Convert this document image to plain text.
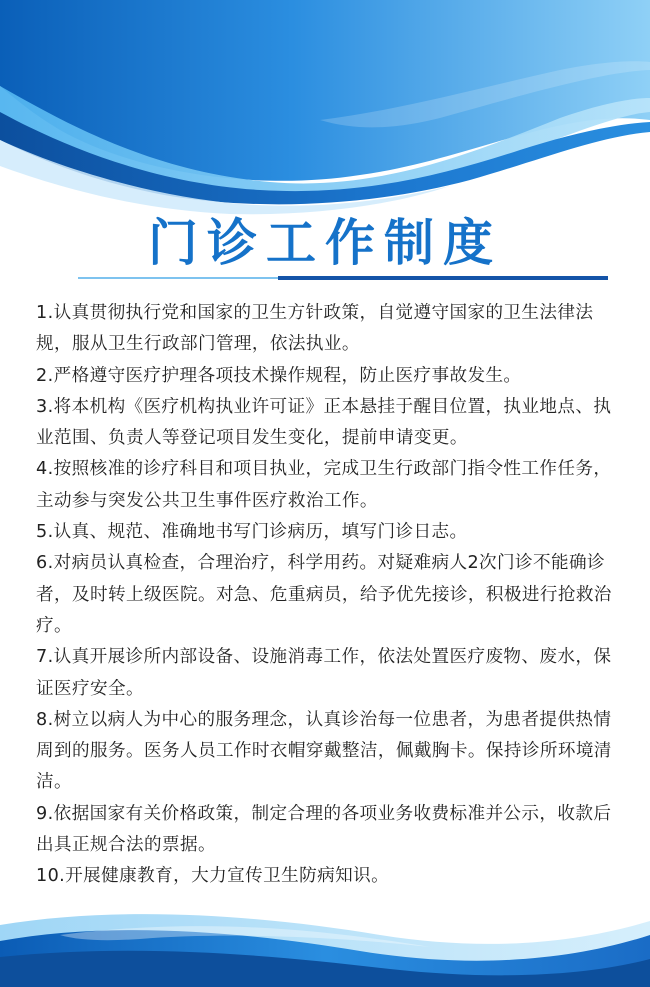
门诊工作制度

1.认真贯彻执行党和国家的卫生方针政策，自觉遵守国家的卫生法律法规，服从卫生行政部门管理，依法执业。

2.严格遵守医疗护理各项技术操作规程，防止医疗事故发生。

3.将本机构《医疗机构执业许可证》正本悬挂于醒目位置，执业地点、执业范围、负责人等登记项目发生变化，提前申请变更。

4.按照核准的诊疗科目和项目执业，完成卫生行政部门指令性工作任务，主动参与突发公共卫生事件医疗救治工作。

5.认真、规范、准确地书写门诊病历，填写门诊日志。

6.对病员认真检查，合理治疗，科学用药。对疑难病人2次门诊不能确诊者，及时转上级医院。对急、危重病员，给予优先接诊，积极进行抢救治疗。

7.认真开展诊所内部设备、设施消毒工作，依法处置医疗废物、废水，保证医疗安全。

8.树立以病人为中心的服务理念，认真诊治每一位患者，为患者提供热情周到的服务。医务人员工作时衣帽穿戴整洁，佩戴胸卡。保持诊所环境清洁。

9.依据国家有关价格政策，制定合理的各项业务收费标准并公示，收款后出具正规合法的票据。

10.开展健康教育，大力宣传卫生防病知识。
